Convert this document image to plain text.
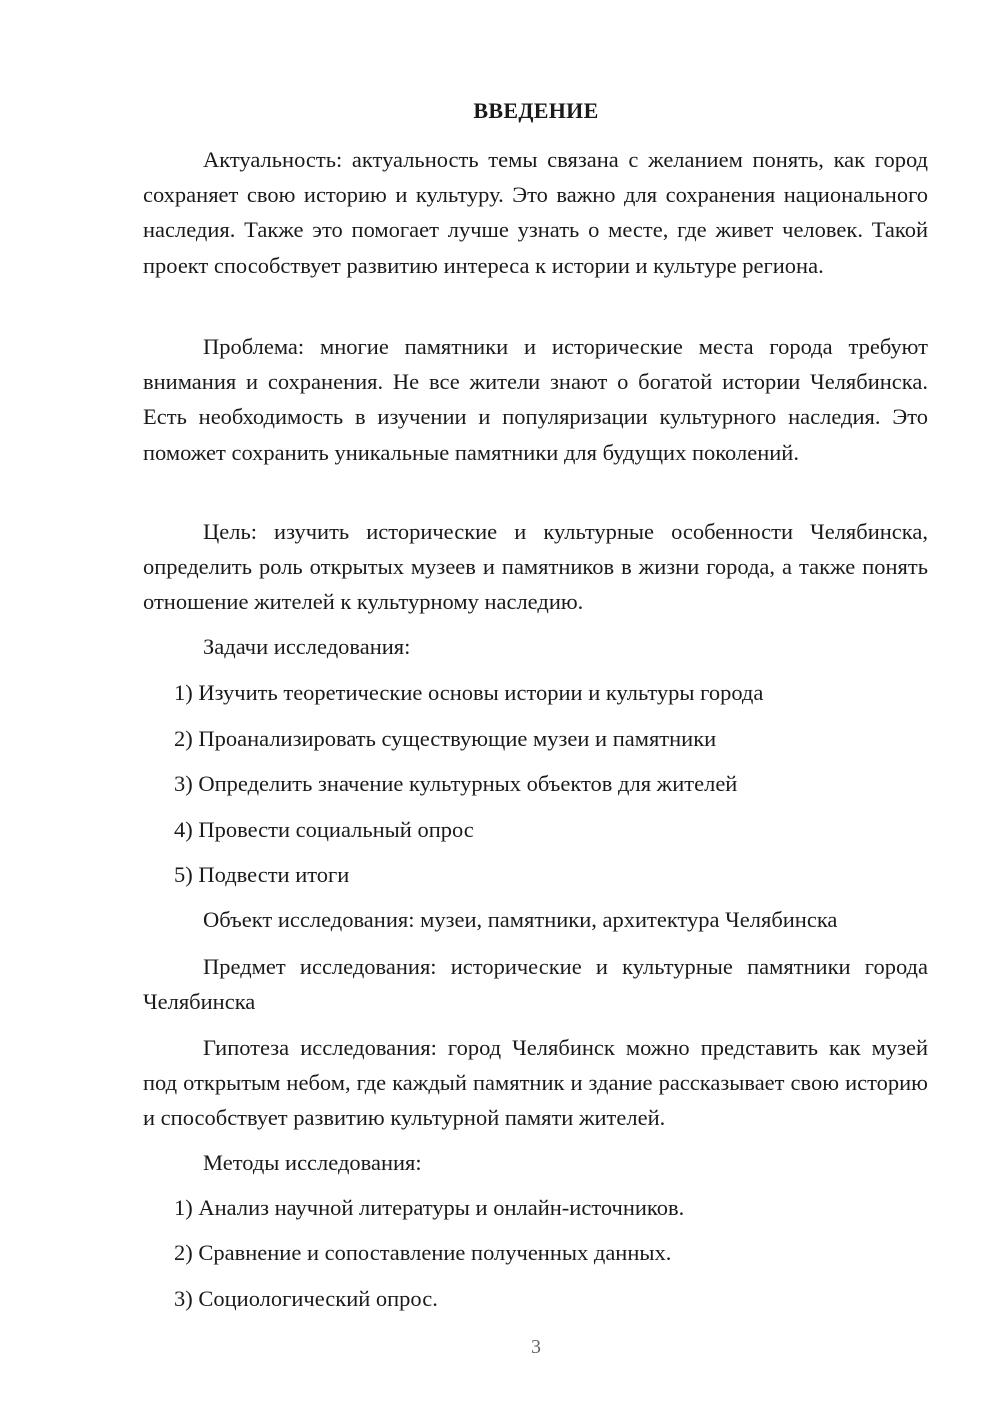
ВВЕДЕНИЕ

Актуальность: актуальность темы связана с желанием понять, как город сохраняет свою историю и культуру. Это важно для сохранения национального наследия. Также это помогает лучше узнать о месте, где живет человек. Такой проект способствует развитию интереса к истории и культуре региона.

Проблема: многие памятники и исторические места города требуют внимания и сохранения. Не все жители знают о богатой истории Челябинска. Есть необходимость в изучении и популяризации культурного наследия. Это поможет сохранить уникальные памятники для будущих поколений.

Цель: изучить исторические и культурные особенности Челябинска, определить роль открытых музеев и памятников в жизни города, а также понять отношение жителей к культурному наследию.

Задачи исследования:
1) Изучить теоретические основы истории и культуры города
2) Проанализировать существующие музеи и памятники
3) Определить значение культурных объектов для жителей
4) Провести социальный опрос
5) Подвести итоги
Объект исследования: музеи, памятники, архитектура Челябинска

Предмет исследования: исторические и культурные памятники города Челябинска

Гипотеза исследования: город Челябинск можно представить как музей под открытым небом, где каждый памятник и здание рассказывает свою историю и способствует развитию культурной памяти жителей.

Методы исследования:
1) Анализ научной литературы и онлайн-источников.
2) Сравнение и сопоставление полученных данных.
3) Социологический опрос.
3
